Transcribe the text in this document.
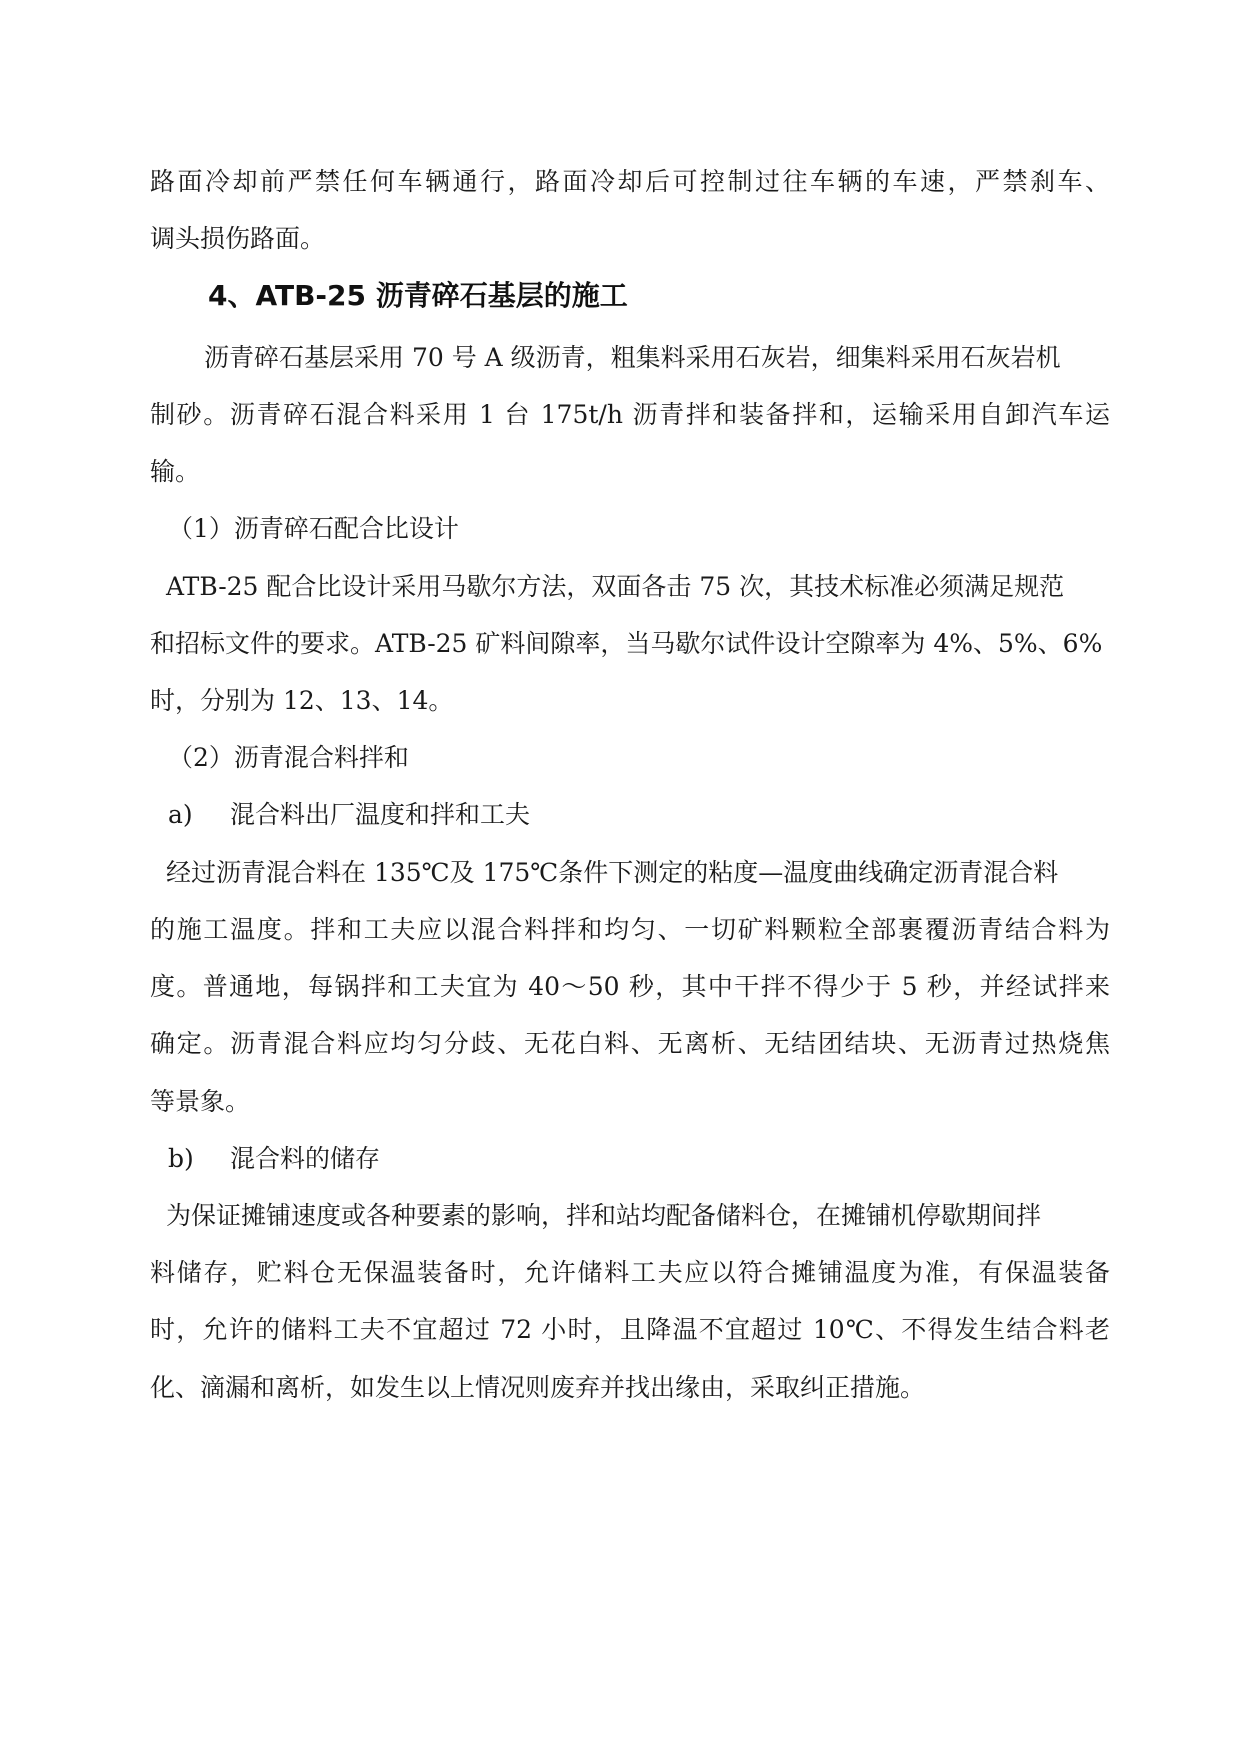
路面冷却前严禁任何车辆通行，路面冷却后可控制过往车辆的车速，严禁刹车、
调头损伤路面。
4、ATB-25 沥青碎石基层的施工
沥青碎石基层采用 70 号 A 级沥青，粗集料采用石灰岩，细集料采用石灰岩机
制砂。沥青碎石混合料采用 1 台 175t/h 沥青拌和装备拌和，运输采用自卸汽车运
输。
（1）沥青碎石配合比设计
ATB-25 配合比设计采用马歇尔方法，双面各击 75 次，其技术标准必须满足规范
和招标文件的要求。ATB-25 矿料间隙率，当马歇尔试件设计空隙率为 4%、5%、6%
时，分别为 12、13、14。
（2）沥青混合料拌和
a) 混合料出厂温度和拌和工夫
经过沥青混合料在 135℃及 175℃条件下测定的粘度—温度曲线确定沥青混合料
的施工温度。拌和工夫应以混合料拌和均匀、一切矿料颗粒全部裹覆沥青结合料为
度。普通地，每锅拌和工夫宜为 40～50 秒，其中干拌不得少于 5 秒，并经试拌来
确定。沥青混合料应均匀分歧、无花白料、无离析、无结团结块、无沥青过热烧焦
等景象。
b) 混合料的储存
为保证摊铺速度或各种要素的影响，拌和站均配备储料仓，在摊铺机停歇期间拌
料储存，贮料仓无保温装备时，允许储料工夫应以符合摊铺温度为准，有保温装备
时，允许的储料工夫不宜超过 72 小时，且降温不宜超过 10℃、不得发生结合料老
化、滴漏和离析，如发生以上情况则废弃并找出缘由，采取纠正措施。
